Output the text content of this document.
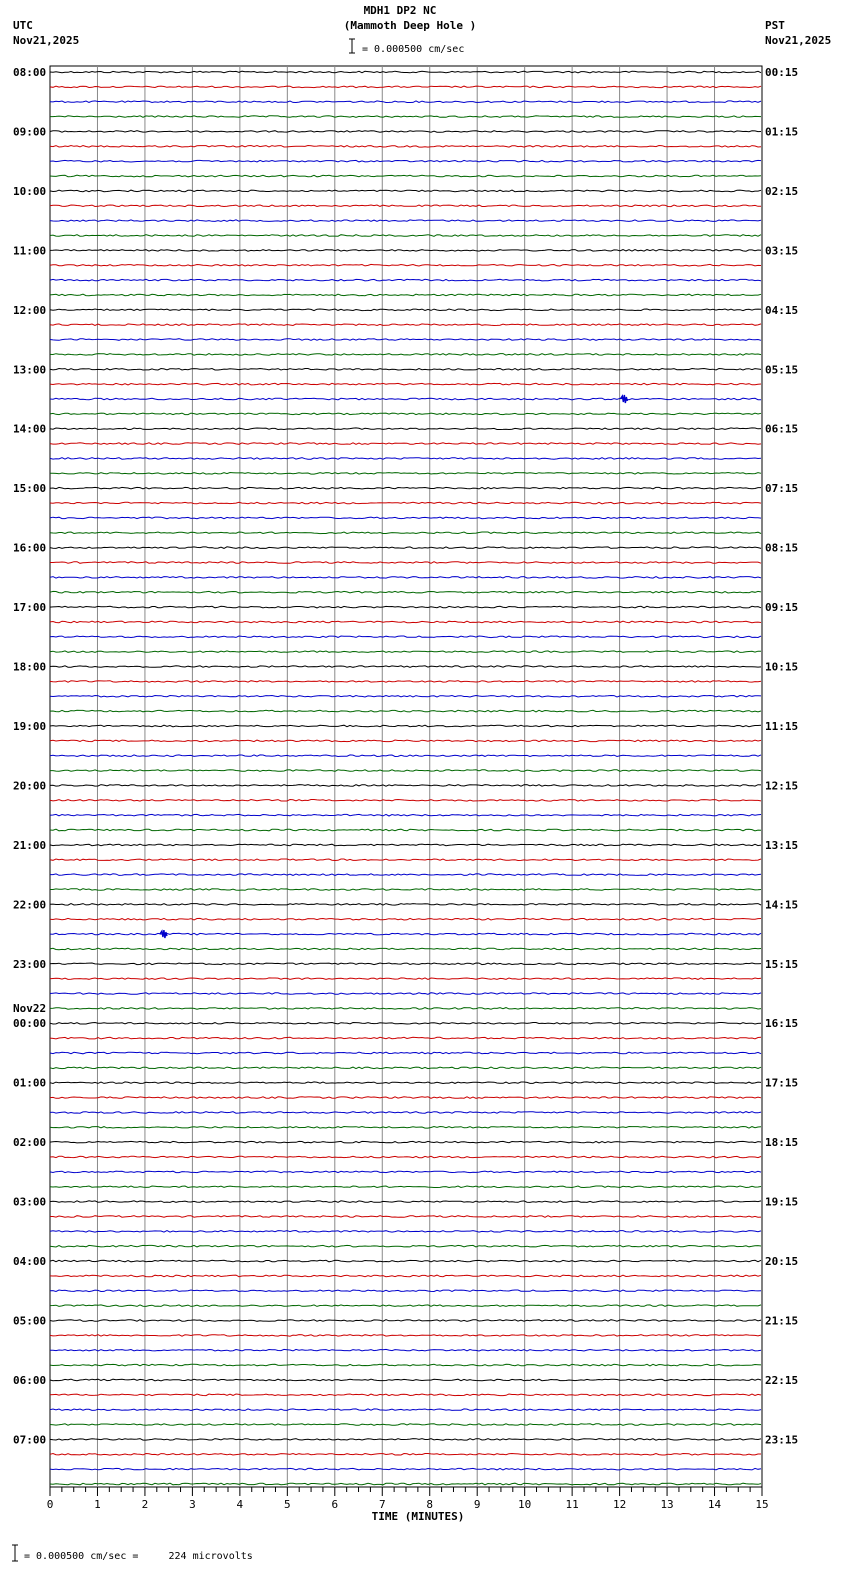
MDH1 DP2 NC
(Mammoth Deep Hole )
UTC
Nov21,2025
PST
Nov21,2025
= 0.000500 cm/sec
08:00	00:15
09:00	01:15
10:00	02:15
11:00	03:15
12:00	04:15
13:00	05:15
14:00	06:15
15:00	07:15
16:00	08:15
17:00	09:15
18:00	10:15
19:00	11:15
20:00	12:15
21:00	13:15
22:00	14:15
23:00	15:15
00:00	16:15
01:00	17:15
02:00	18:15
03:00	19:15
04:00	20:15
05:00	21:15
06:00	22:15
07:00	23:15
Nov22
0	1	2	3	4	5	6	7	8	9	10	11	12	13	14	15
TIME (MINUTES)
= 0.000500 cm/sec =     224 microvolts
